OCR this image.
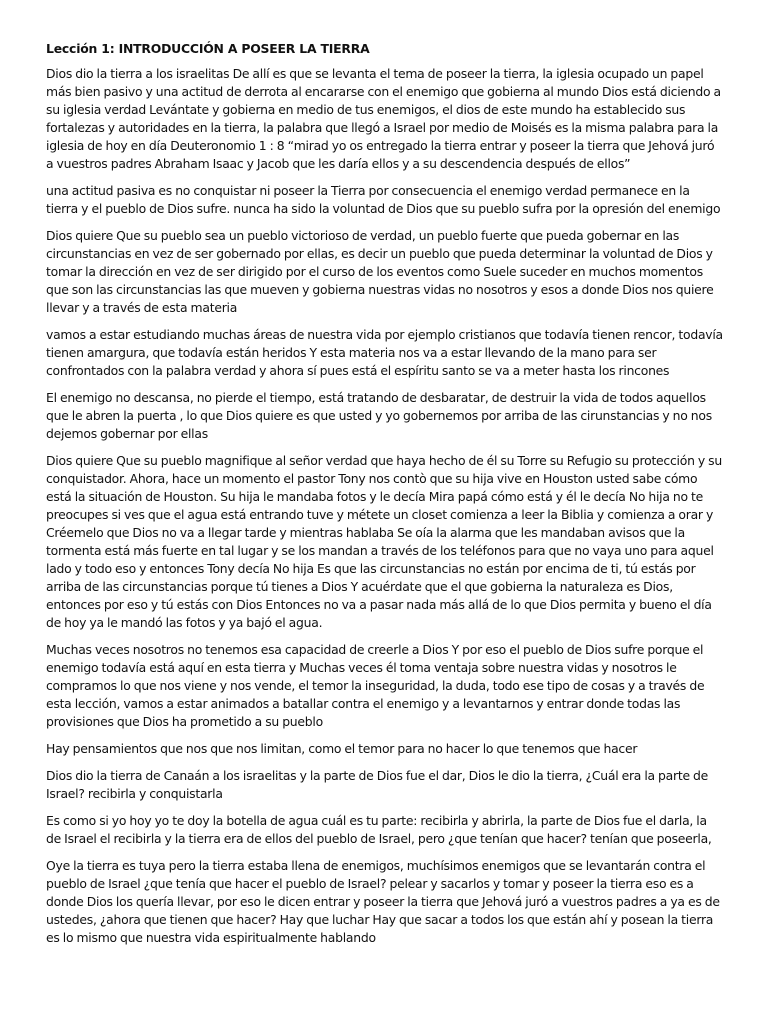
Lección 1: INTRODUCCIÓN A POSEER LA TIERRA

Dios dio la tierra a los israelitas De allí es que se levanta el tema de poseer la tierra, la iglesia ocupado un papel más bien pasivo y una actitud de derrota al encararse con el enemigo que gobierna al mundo Dios está diciendo a su iglesia verdad Levántate y gobierna en medio de tus enemigos, el dios de este mundo ha establecido sus fortalezas y autoridades en la tierra, la palabra que llegó a Israel por medio de Moisés es la misma palabra para la iglesia de hoy en día Deuteronomio 1 : 8 “mirad yo os entregado la tierra entrar y poseer la tierra que Jehová juró a vuestros padres Abraham Isaac y Jacob que les daría ellos y a su descendencia después de ellos”

una actitud pasiva es no conquistar ni poseer la Tierra por consecuencia el enemigo verdad permanece en la tierra y el pueblo de Dios sufre. nunca ha sido la voluntad de Dios que su pueblo sufra por la opresión del enemigo

Dios quiere Que su pueblo sea un pueblo victorioso de verdad, un pueblo fuerte que pueda gobernar en las circunstancias en vez de ser gobernado por ellas, es decir un pueblo que pueda determinar la voluntad de Dios y tomar la dirección en vez de ser dirigido por el curso de los eventos como Suele suceder en muchos momentos que son las circunstancias las que mueven y gobierna nuestras vidas no nosotros y esos a donde Dios nos quiere llevar y a través de esta materia

vamos a estar estudiando muchas áreas de nuestra vida por ejemplo cristianos que todavía tienen rencor, todavía tienen amargura, que todavía están heridos Y esta materia nos va a estar llevando de la mano para ser confrontados con la palabra verdad y ahora sí pues está el espíritu santo se va a meter hasta los rincones

El enemigo no descansa, no pierde el tiempo, está tratando de desbaratar, de destruir la vida de todos aquellos que le abren la puerta , lo que Dios quiere es que usted y yo gobernemos por arriba de las cirunstancias y no nos dejemos gobernar por ellas

Dios quiere Que su pueblo magnifique al señor verdad que haya hecho de él su Torre su Refugio su protección y su conquistador. Ahora, hace un momento el pastor Tony nos contò que su hija vive en Houston usted sabe cómo está la situación de Houston. Su hija le mandaba fotos y le decía Mira papá cómo está y él le decía No hija no te preocupes si ves que el agua está entrando tuve y métete un closet comienza a leer la Biblia y comienza a orar y Créemelo que Dios no va a llegar tarde y mientras hablaba Se oía la alarma que les mandaban avisos que la tormenta está más fuerte en tal lugar y se los mandan a través de los teléfonos para que no vaya uno para aquel lado y todo eso y entonces Tony decía No hija Es que las circunstancias no están por encima de ti, tú estás por arriba de las circunstancias porque tú tienes a Dios Y acuérdate que el que gobierna la naturaleza es Dios, entonces por eso y tú estás con Dios Entonces no va a pasar nada más allá de lo que Dios permita y bueno el día de hoy ya le mandó las fotos y ya bajó el agua.

Muchas veces nosotros no tenemos esa capacidad de creerle a Dios Y por eso el pueblo de Dios sufre porque el enemigo todavía está aquí en esta tierra y Muchas veces él toma ventaja sobre nuestra vidas y nosotros le compramos lo que nos viene y nos vende, el temor la inseguridad, la duda, todo ese tipo de cosas y a través de esta lección, vamos a estar animados a batallar contra el enemigo y a levantarnos y entrar donde todas las provisiones que Dios ha prometido a su pueblo

Hay pensamientos que nos que nos limitan, como el temor para no hacer lo que tenemos que hacer

Dios dio la tierra de Canaán a los israelitas y la parte de Dios fue el dar, Dios le dio la tierra, ¿Cuál era la parte de Israel? recibirla y conquistarla

Es como si yo hoy yo te doy la botella de agua cuál es tu parte: recibirla y abrirla, la parte de Dios fue el darla, la de Israel el recibirla y la tierra era de ellos del pueblo de Israel, pero ¿que tenían que hacer? tenían que poseerla,

Oye la tierra es tuya pero la tierra estaba llena de enemigos, muchísimos enemigos que se levantarán contra el pueblo de Israel ¿que tenía que hacer el pueblo de Israel? pelear y sacarlos y tomar y poseer la tierra eso es a donde Dios los quería llevar, por eso le dicen entrar y poseer la tierra que Jehová juró a vuestros padres a ya es de ustedes, ¿ahora que tienen que hacer? Hay que luchar Hay que sacar a todos los que están ahí y posean la tierra es lo mismo que nuestra vida espiritualmente hablando
